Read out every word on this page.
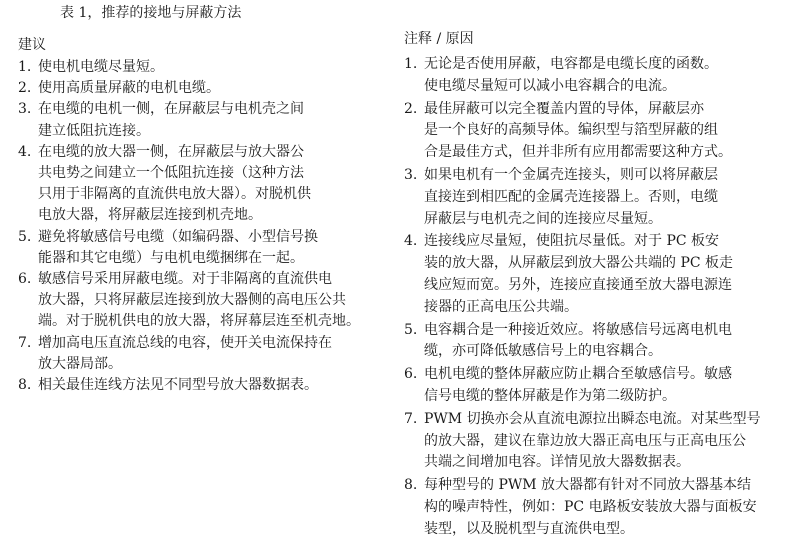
表 1，推荐的接地与屏蔽方法
建议
1. 使电机电缆尽量短。
2. 使用高质量屏蔽的电机电缆。
3. 在电缆的电机一侧，在屏蔽层与电机壳之间
建立低阻抗连接。
4. 在电缆的放大器一侧，在屏蔽层与放大器公
共电势之间建立一个低阻抗连接（这种方法
只用于非隔离的直流供电放大器）。对脱机供
电放大器，将屏蔽层连接到机壳地。
5. 避免将敏感信号电缆（如编码器、小型信号换
能器和其它电缆）与电机电缆捆绑在一起。
6. 敏感信号采用屏蔽电缆。对于非隔离的直流供电
放大器，只将屏蔽层连接到放大器侧的高电压公共
端。对于脱机供电的放大器，将屏幕层连至机壳地。
7. 增加高电压直流总线的电容，使开关电流保持在
放大器局部。
8. 相关最佳连线方法见不同型号放大器数据表。
注释 / 原因
1. 无论是否使用屏蔽，电容都是电缆长度的函数。
使电缆尽量短可以减小电容耦合的电流。
2. 最佳屏蔽可以完全覆盖内置的导体，屏蔽层亦
是一个良好的高频导体。编织型与箔型屏蔽的组
合是最佳方式，但并非所有应用都需要这种方式。
3. 如果电机有一个金属壳连接头，则可以将屏蔽层
直接连到相匹配的金属壳连接器上。否则，电缆
屏蔽层与电机壳之间的连接应尽量短。
4. 连接线应尽量短，使阻抗尽量低。对于 PC 板安
装的放大器，从屏蔽层到放大器公共端的 PC 板走
线应短而宽。另外，连接应直接通至放大器电源连
接器的正高电压公共端。
5. 电容耦合是一种接近效应。将敏感信号远离电机电
缆，亦可降低敏感信号上的电容耦合。
6. 电机电缆的整体屏蔽应防止耦合至敏感信号。敏感
信号电缆的整体屏蔽是作为第二级防护。
7. PWM 切换亦会从直流电源拉出瞬态电流。对某些型号
的放大器，建议在靠边放大器正高电压与正高电压公
共端之间增加电容。详情见放大器数据表。
8. 每种型号的 PWM 放大器都有针对不同放大器基本结
构的噪声特性，例如：PC 电路板安装放大器与面板安
装型，以及脱机型与直流供电型。
